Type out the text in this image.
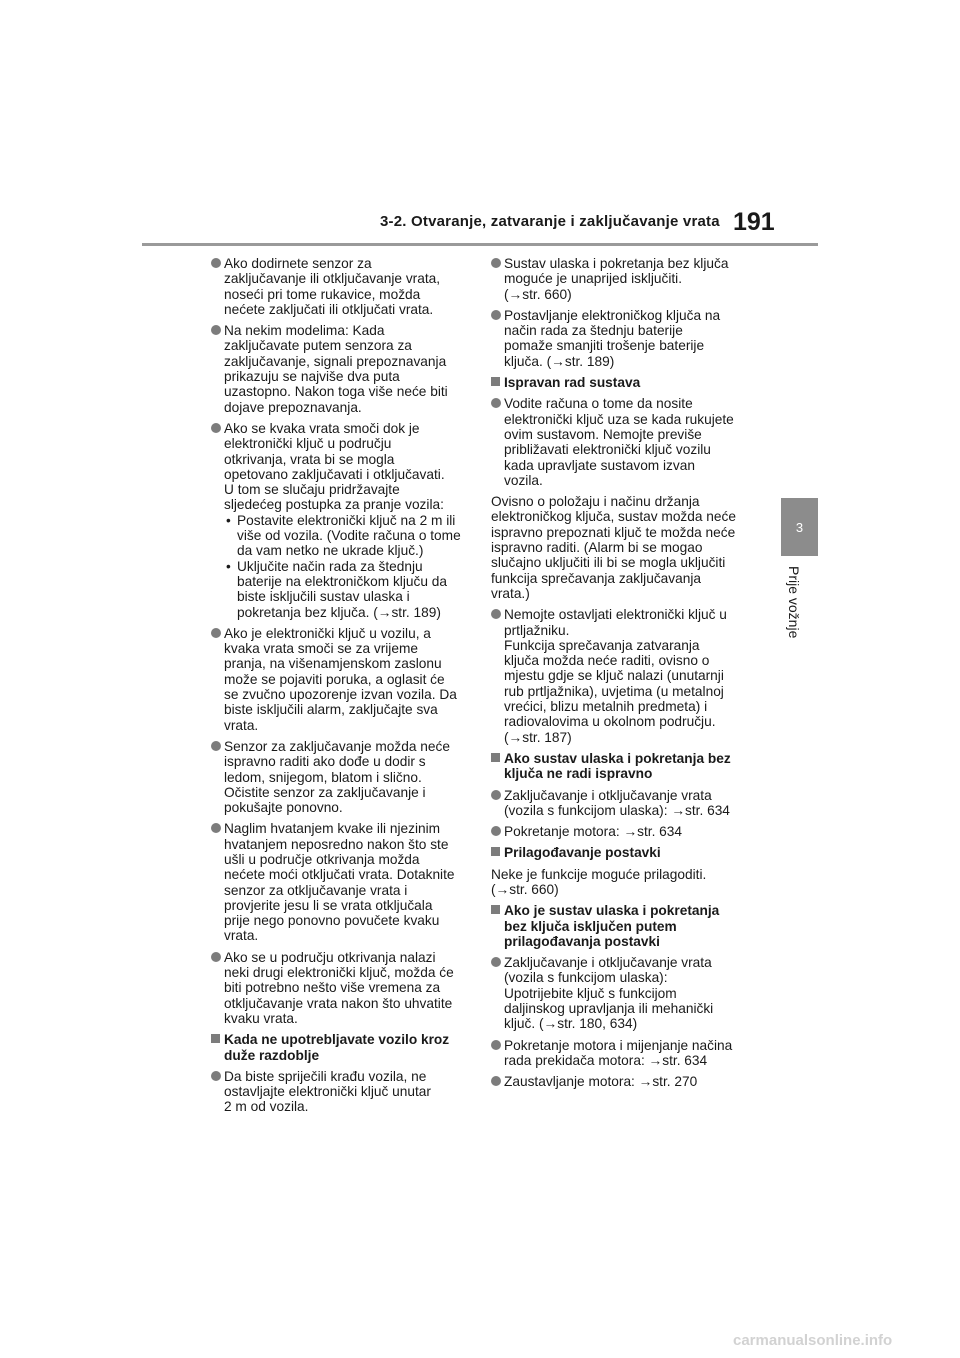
3-2. Otvaranje, zatvaranje i zaključavanje vrata 191
3
Prije vožnje
Ako dodirnete senzor za
zaključavanje ili otključavanje vrata,
noseći pri tome rukavice, možda
nećete zaključati ili otključati vrata.
Na nekim modelima: Kada
zaključavate putem senzora za
zaključavanje, signali prepoznavanja
prikazuju se najviše dva puta
uzastopno. Nakon toga više neće biti
dojave prepoznavanja.
Ako se kvaka vrata smoči dok je
elektronički ključ u području
otkrivanja, vrata bi se mogla
opetovano zaključavati i otključavati.
U tom se slučaju pridržavajte
sljedećeg postupka za pranje vozila:
• Postavite elektronički ključ na 2 m ili
više od vozila. (Vodite računa o tome
da vam netko ne ukrade ključ.)
• Uključite način rada za štednju
baterije na elektroničkom ključu da
biste isključili sustav ulaska i
pokretanja bez ključa. (→str. 189)
Ako je elektronički ključ u vozilu, a
kvaka vrata smoči se za vrijeme
pranja, na višenamjenskom zaslonu
može se pojaviti poruka, a oglasit će
se zvučno upozorenje izvan vozila. Da
biste isključili alarm, zaključajte sva
vrata.
Senzor za zaključavanje možda neće
ispravno raditi ako dođe u dodir s
ledom, snijegom, blatom i slično.
Očistite senzor za zaključavanje i
pokušajte ponovno.
Naglim hvatanjem kvake ili njezinim
hvatanjem neposredno nakon što ste
ušli u područje otkrivanja možda
nećete moći otključati vrata. Dotaknite
senzor za otključavanje vrata i
provjerite jesu li se vrata otključala
prije nego ponovno povučete kvaku
vrata.
Ako se u području otkrivanja nalazi
neki drugi elektronički ključ, možda će
biti potrebno nešto više vremena za
otključavanje vrata nakon što uhvatite
kvaku vrata.
Kada ne upotrebljavate vozilo kroz
duže razdoblje
Da biste spriječili krađu vozila, ne
ostavljajte elektronički ključ unutar
2 m od vozila.
Sustav ulaska i pokretanja bez ključa
moguće je unaprijed isključiti.
(→str. 660)
Postavljanje elektroničkog ključa na
način rada za štednju baterije
pomaže smanjiti trošenje baterije
ključa. (→str. 189)
Ispravan rad sustava
Vodite računa o tome da nosite
elektronički ključ uza se kada rukujete
ovim sustavom. Nemojte previše
približavati elektronički ključ vozilu
kada upravljate sustavom izvan
vozila.
Ovisno o položaju i načinu držanja
elektroničkog ključa, sustav možda neće
ispravno prepoznati ključ te možda neće
ispravno raditi. (Alarm bi se mogao
slučajno uključiti ili bi se mogla uključiti
funkcija sprečavanja zaključavanja
vrata.)
Nemojte ostavljati elektronički ključ u
prtljažniku.
Funkcija sprečavanja zatvaranja
ključa možda neće raditi, ovisno o
mjestu gdje se ključ nalazi (unutarnji
rub prtljažnika), uvjetima (u metalnoj
vrećici, blizu metalnih predmeta) i
radiovalovima u okolnom području.
(→str. 187)
Ako sustav ulaska i pokretanja bez
ključa ne radi ispravno
Zaključavanje i otključavanje vrata
(vozila s funkcijom ulaska): →str. 634
Pokretanje motora: →str. 634
Prilagođavanje postavki
Neke je funkcije moguće prilagoditi.
(→str. 660)
Ako je sustav ulaska i pokretanja
bez ključa isključen putem
prilagođavanja postavki
Zaključavanje i otključavanje vrata
(vozila s funkcijom ulaska):
Upotrijebite ključ s funkcijom
daljinskog upravljanja ili mehanički
ključ. (→str. 180, 634)
Pokretanje motora i mijenjanje načina
rada prekidača motora: →str. 634
Zaustavljanje motora: →str. 270
carmanualsonline.info
